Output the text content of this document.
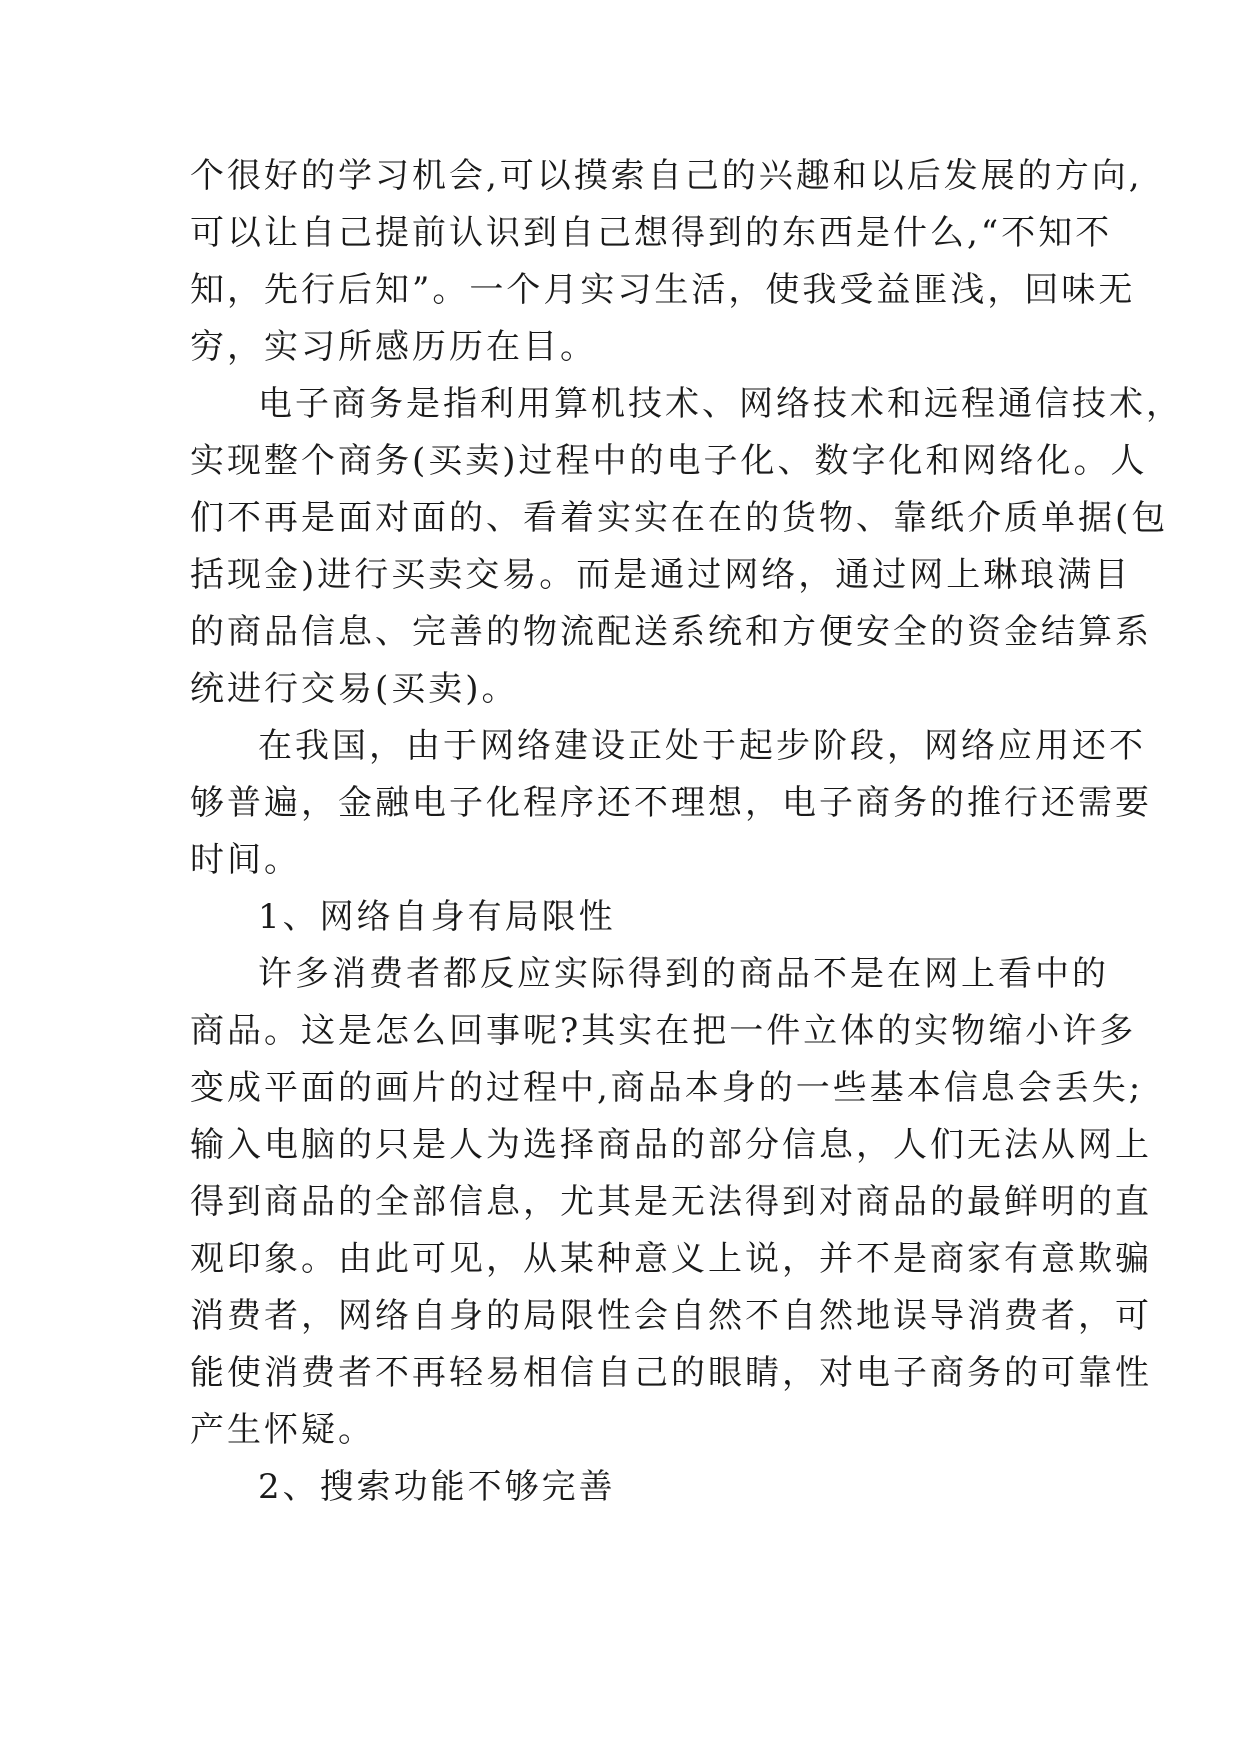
个很好的学习机会,可以摸索自己的兴趣和以后发展的方向,
可以让自己提前认识到自己想得到的东西是什么,“不知不
知，先行后知”。一个月实习生活，使我受益匪浅，回味无
穷，实习所感历历在目。
电子商务是指利用算机技术、网络技术和远程通信技术，
实现整个商务(买卖)过程中的电子化、数字化和网络化。人
们不再是面对面的、看着实实在在的货物、靠纸介质单据(包
括现金)进行买卖交易。而是通过网络，通过网上琳琅满目
的商品信息、完善的物流配送系统和方便安全的资金结算系
统进行交易(买卖)。
在我国，由于网络建设正处于起步阶段，网络应用还不
够普遍，金融电子化程序还不理想，电子商务的推行还需要
时间。
1、网络自身有局限性
许多消费者都反应实际得到的商品不是在网上看中的
商品。这是怎么回事呢?其实在把一件立体的实物缩小许多
变成平面的画片的过程中,商品本身的一些基本信息会丢失;
输入电脑的只是人为选择商品的部分信息，人们无法从网上
得到商品的全部信息，尤其是无法得到对商品的最鲜明的直
观印象。由此可见，从某种意义上说，并不是商家有意欺骗
消费者，网络自身的局限性会自然不自然地误导消费者，可
能使消费者不再轻易相信自己的眼睛，对电子商务的可靠性
产生怀疑。
2、搜索功能不够完善
